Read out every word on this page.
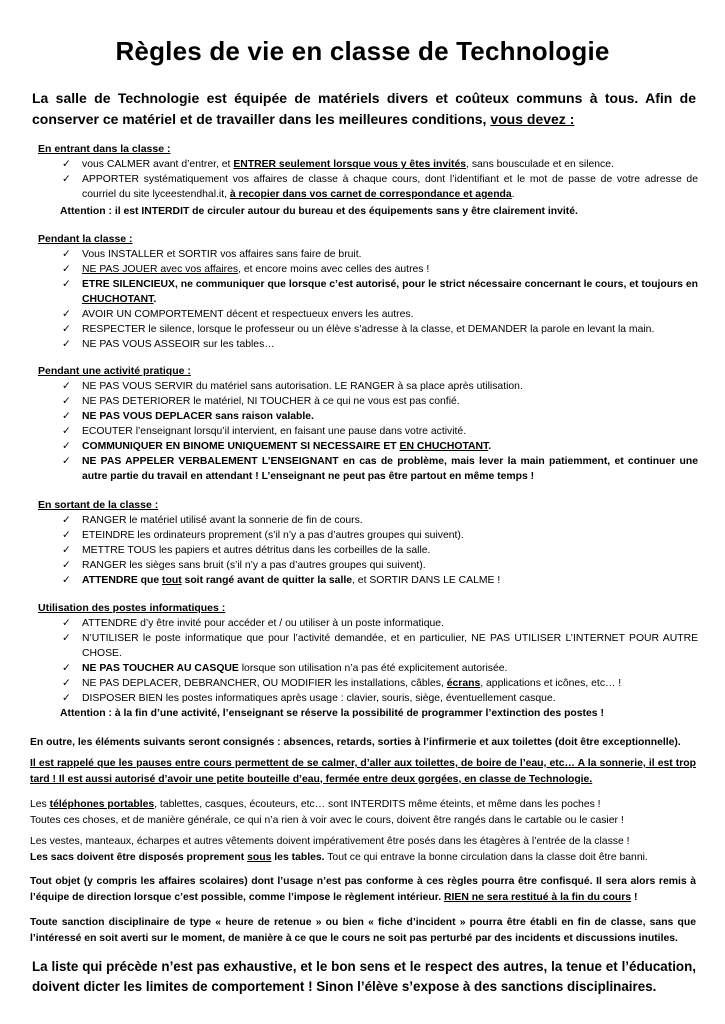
Règles de vie en classe de Technologie
La salle de Technologie est équipée de matériels divers et coûteux communs à tous. Afin de conserver ce matériel et de travailler dans les meilleures conditions, vous devez :
En entrant dans la classe :
✓	vous CALMER avant d’entrer, et ENTRER seulement lorsque vous y êtes invités, sans bousculade et en silence.
✓	APPORTER systématiquement vos affaires de classe à chaque cours, dont l’identifiant et le mot de passe de votre adresse de courriel du site lyceestendhal.it, à recopier dans vos carnet de correspondance et agenda.
Attention : il est INTERDIT de circuler autour du bureau et des équipements sans y être clairement invité.
Pendant la classe :
✓	Vous INSTALLER et SORTIR vos affaires sans faire de bruit.
✓	NE PAS JOUER avec vos affaires, et encore moins avec celles des autres !
✓	ETRE SILENCIEUX, ne communiquer que lorsque c’est autorisé, pour le strict nécessaire concernant le cours, et toujours en CHUCHOTANT.
✓	AVOIR UN COMPORTEMENT décent et respectueux envers les autres.
✓	RESPECTER le silence, lorsque le professeur ou un élève s’adresse à la classe, et DEMANDER la parole en levant la main.
✓	NE PAS VOUS ASSEOIR sur les tables…
Pendant une activité pratique :
✓	NE PAS VOUS SERVIR du matériel sans autorisation. LE RANGER à sa place après utilisation.
✓	NE PAS DETERIORER le matériel, NI TOUCHER à ce qui ne vous est pas confié.
✓	NE PAS VOUS DEPLACER sans raison valable.
✓	ECOUTER l’enseignant lorsqu’il intervient, en faisant une pause dans votre activité.
✓	COMMUNIQUER EN BINOME UNIQUEMENT SI NECESSAIRE ET EN CHUCHOTANT.
✓	NE PAS APPELER VERBALEMENT L’ENSEIGNANT en cas de problème, mais lever la main patiemment, et continuer une autre partie du travail en attendant ! L’enseignant ne peut pas être partout en même temps !
En sortant de la classe :
✓	RANGER le matériel utilisé avant la sonnerie de fin de cours.
✓	ETEINDRE les ordinateurs proprement (s’il n’y a pas d’autres groupes qui suivent).
✓	METTRE TOUS les papiers et autres détritus dans les corbeilles de la salle.
✓	RANGER les sièges sans bruit (s’il n’y a pas d’autres groupes qui suivent).
✓	ATTENDRE que tout soit rangé avant de quitter la salle, et SORTIR DANS LE CALME !
Utilisation des postes informatiques :
✓	ATTENDRE d’y être invité pour accéder et / ou utiliser à un poste informatique.
✓	N’UTILISER le poste informatique que pour l’activité demandée, et en particulier, NE PAS UTILISER L’INTERNET POUR AUTRE CHOSE.
✓	NE PAS TOUCHER AU CASQUE lorsque son utilisation n’a pas été explicitement autorisée.
✓	NE PAS DEPLACER, DEBRANCHER, OU MODIFIER les installations, câbles, écrans, applications et icônes, etc… !
✓	DISPOSER BIEN les postes informatiques après usage : clavier, souris, siège, éventuellement casque.
Attention : à la fin d’une activité, l’enseignant se réserve la possibilité de programmer l’extinction des postes !
En outre, les éléments suivants seront consignés : absences, retards, sorties à l’infirmerie et aux toilettes (doit être exceptionnelle).
Il est rappelé que les pauses entre cours permettent de se calmer, d’aller aux toilettes, de boire de l’eau, etc… A la sonnerie, il est trop tard ! Il est aussi autorisé d’avoir une petite bouteille d’eau, fermée entre deux gorgées, en classe de Technologie.
Les téléphones portables, tablettes, casques, écouteurs, etc… sont INTERDITS même éteints, et même dans les poches !
Toutes ces choses, et de manière générale, ce qui n’a rien à voir avec le cours, doivent être rangés dans le cartable ou le casier !
Les vestes, manteaux, écharpes et autres vêtements doivent impérativement être posés dans les étagères à l’entrée de la classe !
Les sacs doivent être disposés proprement sous les tables. Tout ce qui entrave la bonne circulation dans la classe doit être banni.
Tout objet (y compris les affaires scolaires) dont l’usage n’est pas conforme à ces règles pourra être confisqué. Il sera alors remis à l’équipe de direction lorsque c’est possible, comme l’impose le règlement intérieur. RIEN ne sera restitué à la fin du cours !
Toute sanction disciplinaire de type « heure de retenue » ou bien « fiche d’incident » pourra être établi en fin de classe, sans que l’intéressé en soit averti sur le moment, de manière à ce que le cours ne soit pas perturbé par des incidents et discussions inutiles.
La liste qui précède n’est pas exhaustive, et le bon sens et le respect des autres, la tenue et l’éducation, doivent dicter les limites de comportement ! Sinon l’élève s’expose à des sanctions disciplinaires.
